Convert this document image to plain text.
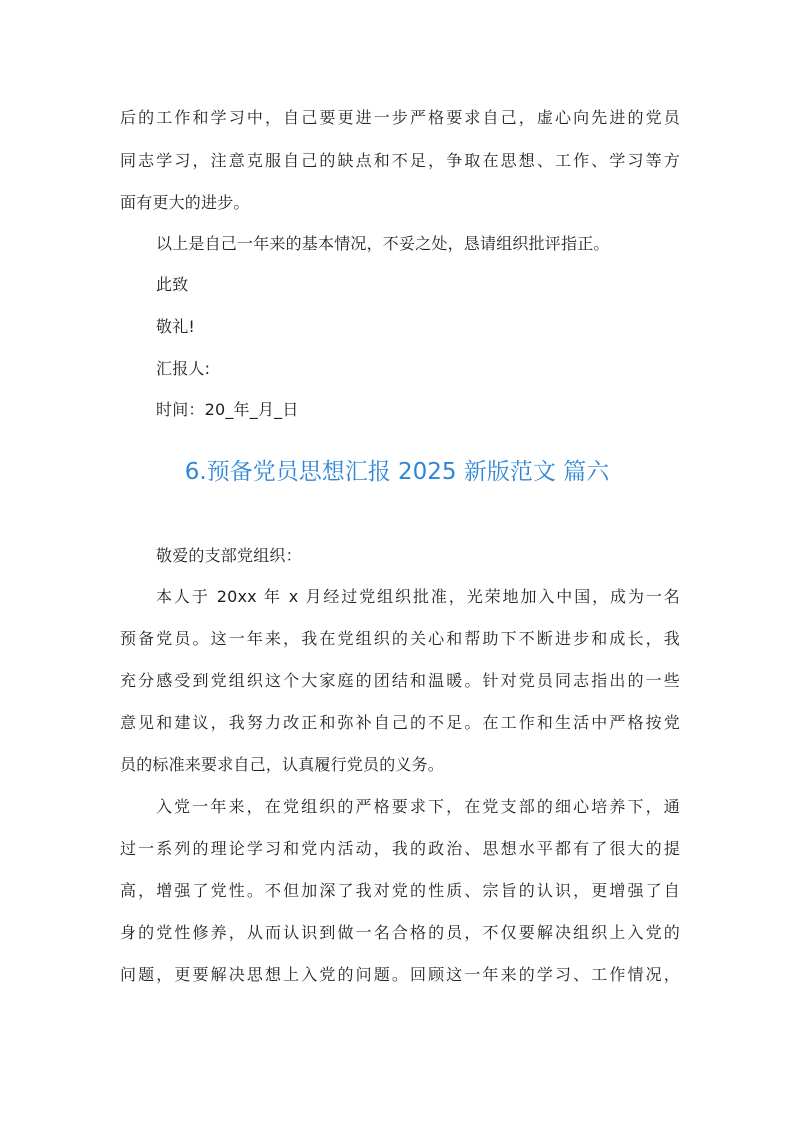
后的工作和学习中，自己要更进一步严格要求自己，虚心向先进的党员
同志学习，注意克服自己的缺点和不足，争取在思想、工作、学习等方
面有更大的进步。
以上是自己一年来的基本情况，不妥之处，恳请组织批评指正。
此致
敬礼!
汇报人:
时间：20_年_月_日
6.预备党员思想汇报 2025 新版范文 篇六
敬爱的支部党组织：
本人于 20xx 年 x 月经过党组织批准，光荣地加入中国，成为一名
预备党员。这一年来，我在党组织的关心和帮助下不断进步和成长，我
充分感受到党组织这个大家庭的团结和温暖。针对党员同志指出的一些
意见和建议，我努力改正和弥补自己的不足。在工作和生活中严格按党
员的标准来要求自己，认真履行党员的义务。
入党一年来，在党组织的严格要求下，在党支部的细心培养下，通
过一系列的理论学习和党内活动，我的政治、思想水平都有了很大的提
高，增强了党性。不但加深了我对党的性质、宗旨的认识，更增强了自
身的党性修养，从而认识到做一名合格的员，不仅要解决组织上入党的
问题，更要解决思想上入党的问题。回顾这一年来的学习、工作情况，
